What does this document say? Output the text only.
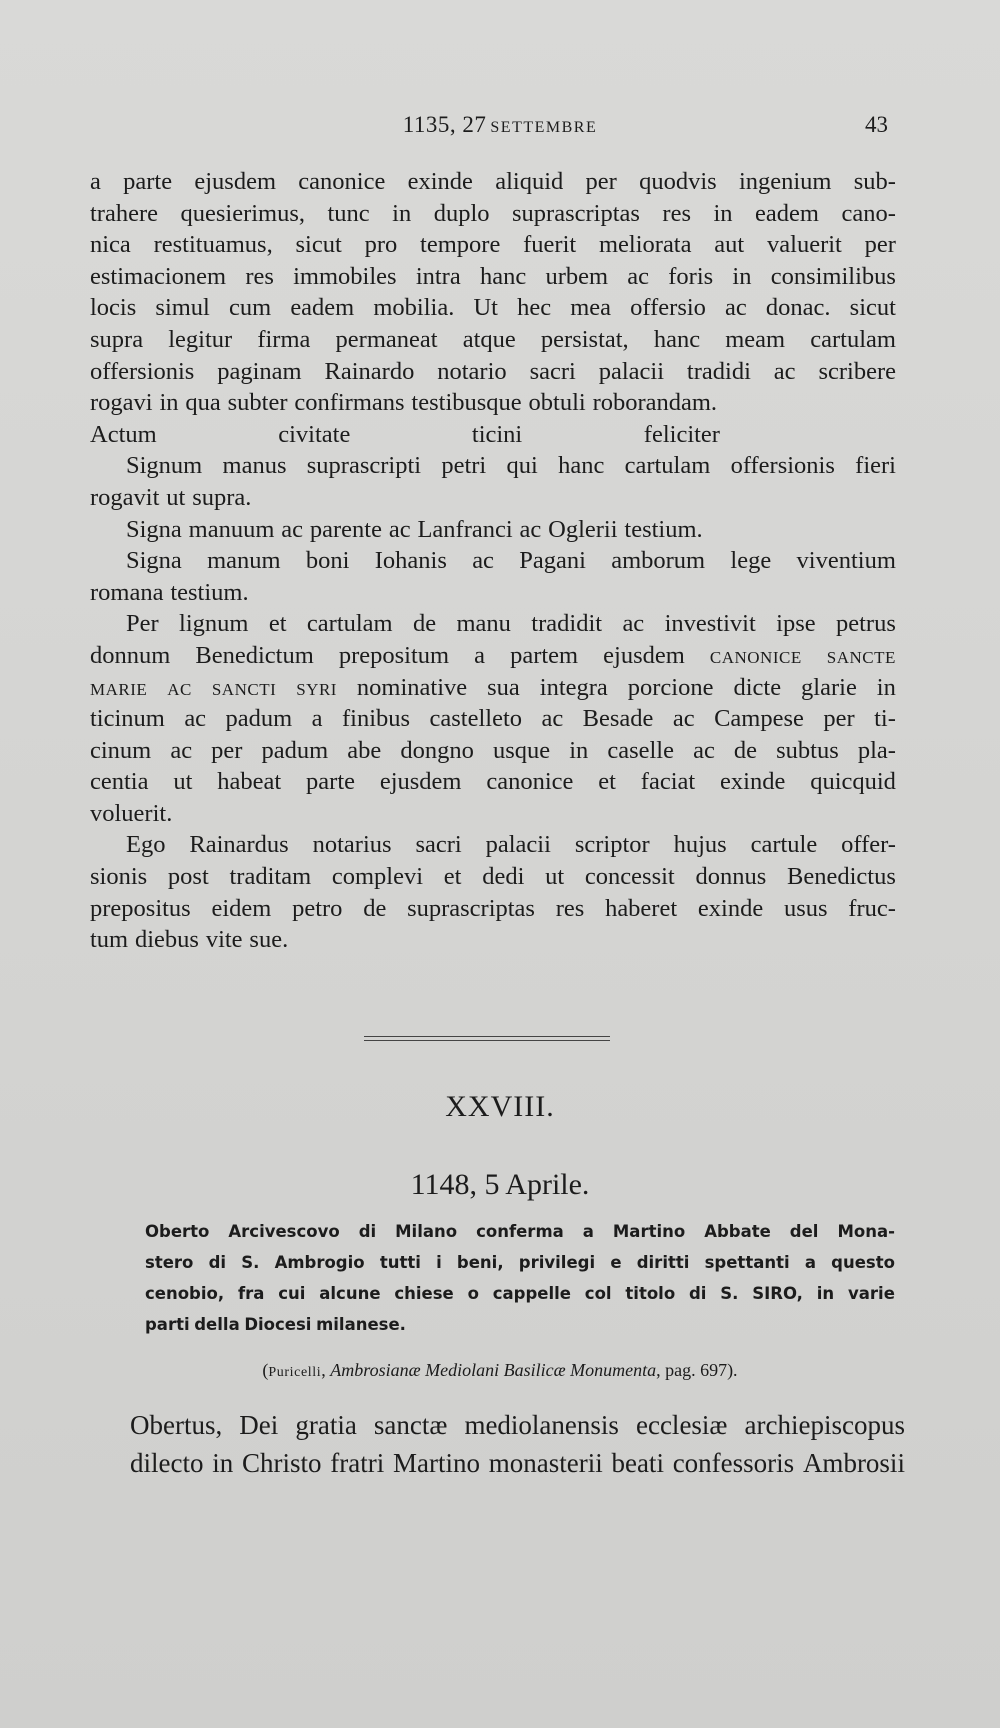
1135, 27 SETTEMBRE	43
a parte ejusdem canonice exinde aliquid per quodvis ingenium sub-
trahere quesierimus, tunc in duplo suprascriptas res in eadem cano-
nica restituamus, sicut pro tempore fuerit meliorata aut valuerit per
estimacionem res immobiles intra hanc urbem ac foris in consimilibus
locis simul cum eadem mobilia. Ut hec mea offersio ac donac. sicut
supra legitur firma permaneat atque persistat, hanc meam cartulam
offersionis paginam Rainardo notario sacri palacii tradidi ac scribere
rogavi in qua subter confirmans testibusque obtuli roborandam.
Actum	civitate	ticini	feliciter
Signum manus suprascripti petri qui hanc cartulam offersionis fieri
rogavit ut supra.
Signa manuum ac parente ac Lanfranci ac Oglerii testium.
Signa manum boni Iohanis ac Pagani amborum lege viventium
romana testium.
Per lignum et cartulam de manu tradidit ac investivit ipse petrus
donnum Benedictum prepositum a partem ejusdem canonice sancte
marie ac sancti syri nominative sua integra porcione dicte glarie in
ticinum ac padum a finibus castelleto ac Besade ac Campese per ti-
cinum ac per padum abe dongno usque in caselle ac de subtus pla-
centia ut habeat parte ejusdem canonice et faciat exinde quicquid
voluerit.
Ego Rainardus notarius sacri palacii scriptor hujus cartule offer-
sionis post traditam complevi et dedi ut concessit donnus Benedictus
prepositus eidem petro de suprascriptas res haberet exinde usus fruc-
tum diebus vite sue.
XXVIII.
1148, 5 Aprile.
Oberto Arcivescovo di Milano conferma a Martino Abbate del Mona-
stero di S. Ambrogio tutti i beni, privilegi e diritti spettanti a questo
cenobio, fra cui alcune chiese o cappelle col titolo di S. SIRO, in varie
parti della Diocesi milanese.
(Puricelli, Ambrosianæ Mediolani Basilicæ Monumenta, pag. 697).
Obertus, Dei gratia sanctæ mediolanensis ecclesiæ archiepiscopus
dilecto in Christo fratri Martino monasterii beati confessoris Ambrosii
